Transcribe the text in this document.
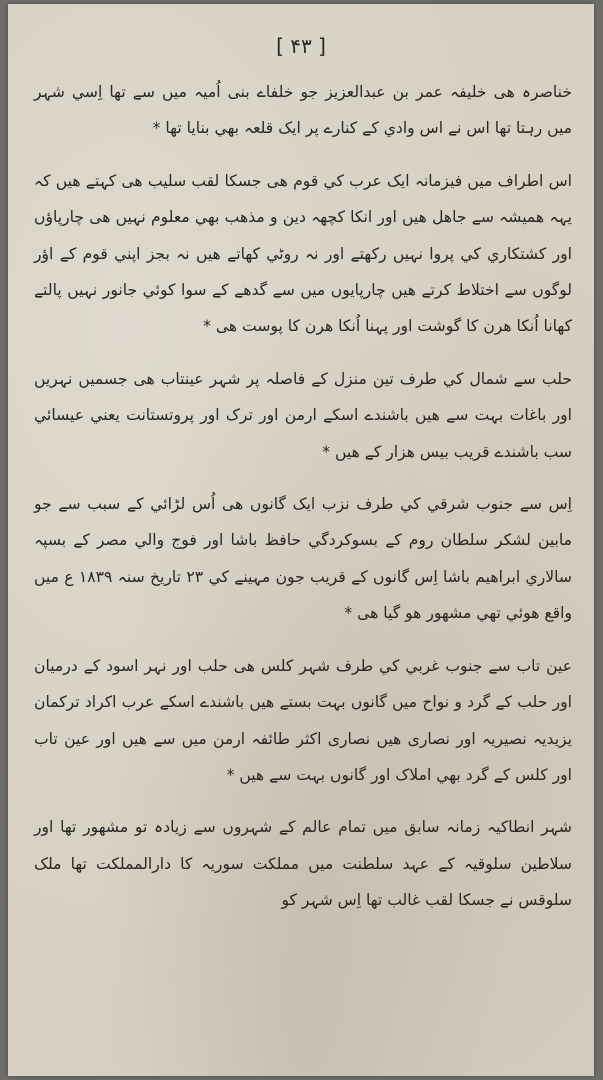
[ ۴۳ ]

خناصرہ هی خلیفہ عمر بن عبدالعزیز جو خلفاے بنی اُمیہ میں سے تھا اِسي شہر میں رہتا تھا اس نے اس وادي کے کنارے پر ایک قلعہ بهي بنایا تھا *

اس اطراف میں فيزمانہ ایک عرب کي قوم هی جسکا لقب سلیب هی کہتے هیں کہ یہہ همیشہ سے جاهل هیں اور انکا کچھہ دین و مذهب بهي معلوم نہیں هی چارپاؤں اور کشتکاري کي پروا نہیں رکھتے اور نہ روٹي کھاتے هیں نہ بجز اپني قوم کے اؤر لوگوں سے اختلاط کرتے هیں چارپایوں میں سے گدھے کے سوا کوئي جانور نہیں پالتے کھانا اُنکا هرن کا گوشت اور پہنا اُنکا هرن کا پوست هی *

حلب سے شمال کي طرف تین منزل کے فاصلہ پر شہر عینتاب هی جسمیں نہریں اور باغات بہت سے هیں باشندے اسکے ارمن اور ترک اور پروتستانت یعني عیسائي سب باشندے قریب بیس هزار کے هیں *

اِس سے جنوب شرقي کي طرف نزب ایک گانوں هی اُس لڑائي کے سبب سے جو مابین لشکر سلطان روم کے بسوکردگي حافظ باشا اور فوج والي مصر کے بسپہ سالاري ابراهیم باشا اِس گانوں کے قریب جون مہینے کي ۲۳ تاریخ سنہ ۱۸۳۹ ع میں واقع هوئي تهي مشهور هو گیا هی *

عین تاب سے جنوب غربي کي طرف شہر کلس هی حلب اور نہر اسود کے درمیان اور حلب کے گرد و نواح میں گانوں بہت بستے هیں باشندے اسکے عرب اکراد ترکمان یزیدیہ نصیریہ اور نصاری هیں نصاری اکثر طائفہ ارمن میں سے هیں اور عین تاب اور کلس کے گرد بهي املاک اور گانوں بہت سے هیں *

شہر انطاکیہ زمانہ سابق میں تمام عالم کے شہروں سے زیادہ تو مشهور تھا اور سلاطین سلوقیہ کے عہد سلطنت میں مملکت سوریہ کا دارالمملکت تھا ملک سلوقس نے جسکا لقب غالب تھا اِس شہر کو
